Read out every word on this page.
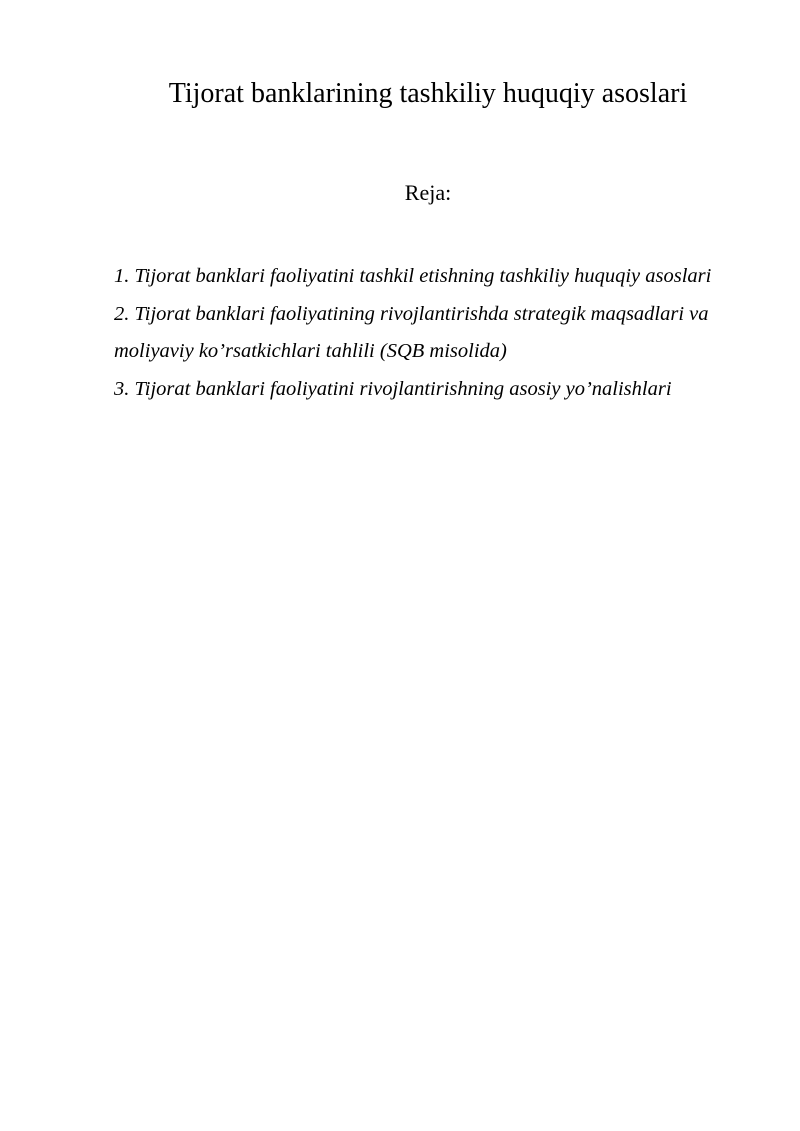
Tijorat banklarining tashkiliy huquqiy asoslari

Reja:

1. Tijorat banklari faoliyatini tashkil etishning tashkiliy huquqiy asoslari
2. Tijorat banklari faoliyatining rivojlantirishda strategik maqsadlari va moliyaviy ko’rsatkichlari tahlili (SQB misolida)
3. Tijorat banklari faoliyatini rivojlantirishning asosiy yo’nalishlari
